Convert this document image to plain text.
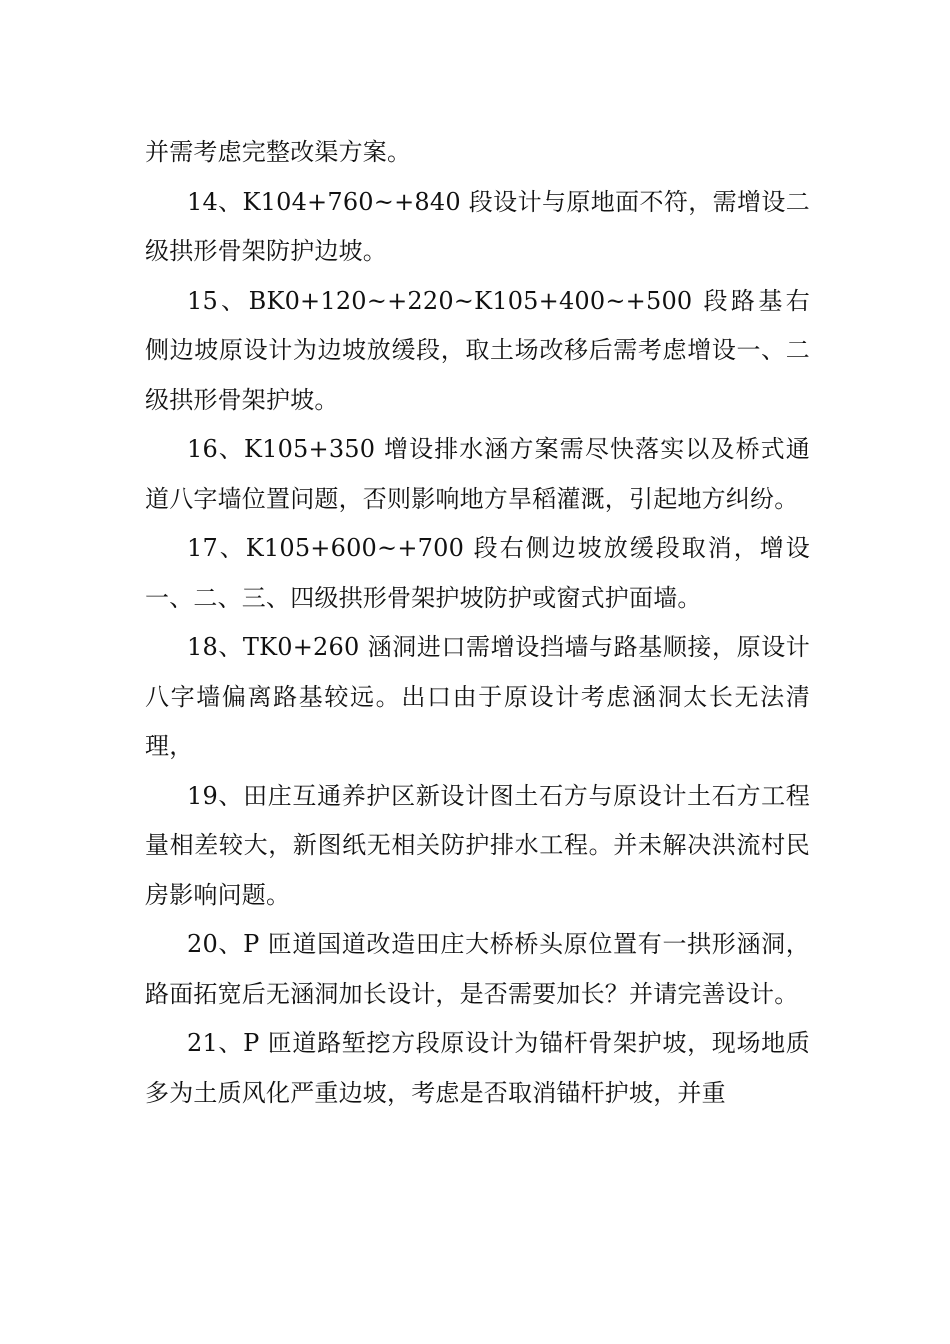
并需考虑完整改渠方案。

14、K104+760~+840 段设计与原地面不符，需增设二级拱形骨架防护边坡。

15、BK0+120~+220~K105+400~+500 段路基右侧边坡原设计为边坡放缓段，取土场改移后需考虑增设一、二级拱形骨架护坡。

16、K105+350 增设排水涵方案需尽快落实以及桥式通道八字墙位置问题，否则影响地方旱稻灌溉，引起地方纠纷。

17、K105+600~+700 段右侧边坡放缓段取消，增设一、二、三、四级拱形骨架护坡防护或窗式护面墙。

18、TK0+260 涵洞进口需增设挡墙与路基顺接，原设计八字墙偏离路基较远。出口由于原设计考虑涵洞太长无法清理，

19、田庄互通养护区新设计图土石方与原设计土石方工程量相差较大，新图纸无相关防护排水工程。并未解决洪流村民房影响问题。

20、P 匝道国道改造田庄大桥桥头原位置有一拱形涵洞，路面拓宽后无涵洞加长设计，是否需要加长？并请完善设计。

21、P 匝道路堑挖方段原设计为锚杆骨架护坡，现场地质多为土质风化严重边坡，考虑是否取消锚杆护坡，并重
